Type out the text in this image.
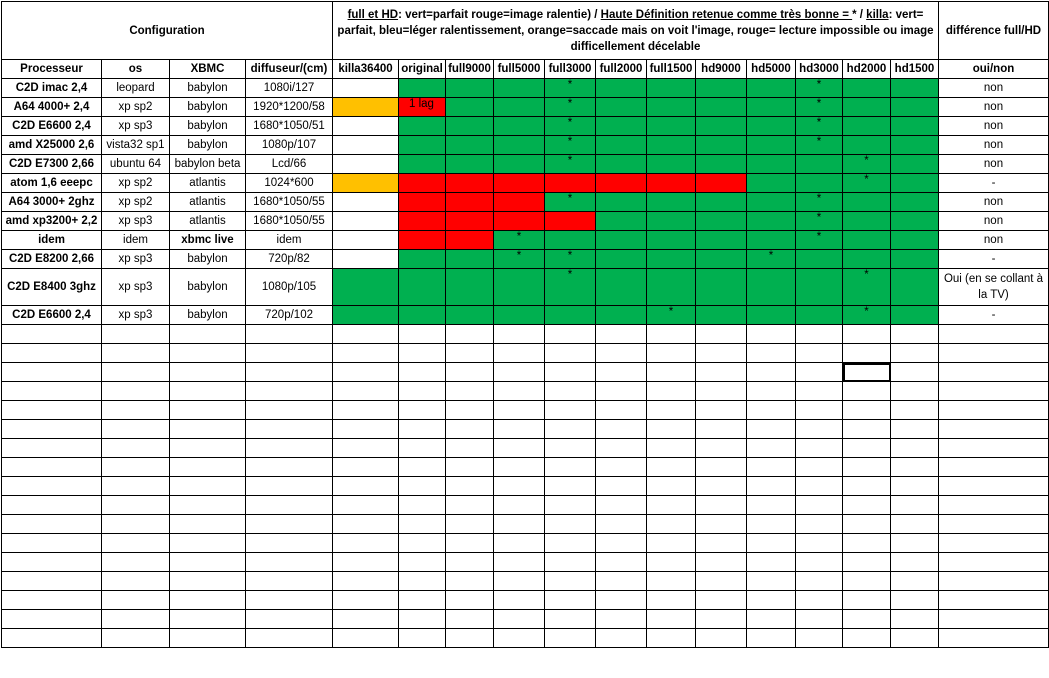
Configuration				full et HD: vert=parfait rouge=image ralentie) / Haute Définition retenue comme très bonne = * / killa: vert= parfait, bleu=léger ralentissement, orange=saccade mais on voit l'image, rouge= lecture impossible ou image difficellement décelable												différence full/HD
Processeur	os	XBMC	diffuseur/(cm)	killa36400	original	full9000	full5000	full3000	full2000	full1500	hd9000	hd5000	hd3000	hd2000	hd1500	oui/non
C2D imac 2,4	leopard	babylon	1080i/127					*					*			non
A64 4000+ 2,4	xp sp2	babylon	1920*1200/58		1 lag			*					*			non
C2D E6600 2,4	xp sp3	babylon	1680*1050/51					*					*			non
amd X25000 2,6	vista32 sp1	babylon	1080p/107					*					*			non
C2D E7300 2,66	ubuntu 64	babylon beta	Lcd/66					*						*		non
atom 1,6 eeepc	xp sp2	atlantis	1024*600											*		-
A64 3000+ 2ghz	xp sp2	atlantis	1680*1050/55					*					*			non
amd xp3200+ 2,2	xp sp3	atlantis	1680*1050/55										*			non
idem	idem	xbmc live	idem				*						*			non
C2D E8200 2,66	xp sp3	babylon	720p/82				*	*				*				-
C2D E8400 3ghz	xp sp3	babylon	1080p/105					*						*		Oui (en se collant à la TV)
C2D E6600 2,4	xp sp3	babylon	720p/102							*				*		-
